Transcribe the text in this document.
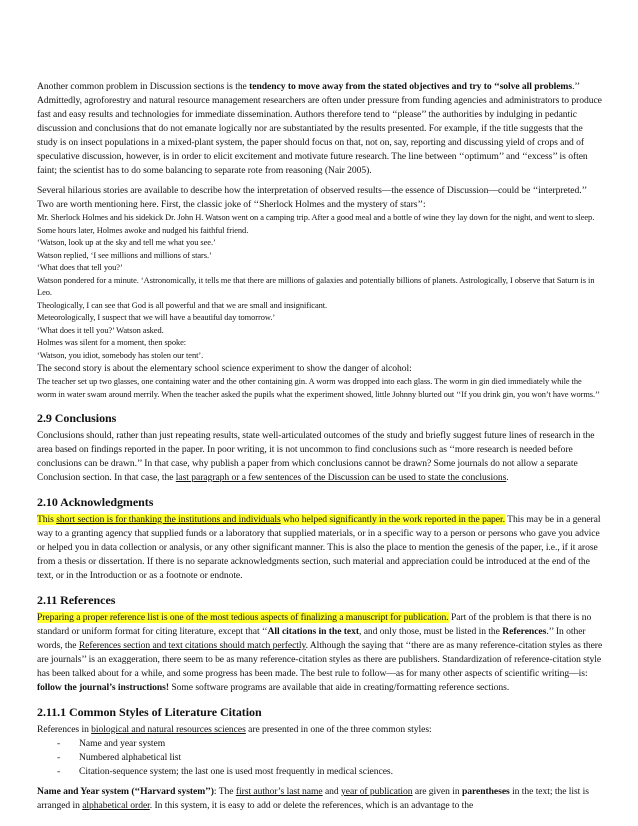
Another common problem in Discussion sections is the tendency to move away from the stated objectives and try to ‘‘solve all problems.’’ Admittedly, agroforestry and natural resource management researchers are often under pressure from funding agencies and administrators to produce fast and easy results and technologies for immediate dissemination. Authors therefore tend to ‘‘please’’ the authorities by indulging in pedantic discussion and conclusions that do not emanate logically nor are substantiated by the results presented. For example, if the title suggests that the study is on insect populations in a mixed-plant system, the paper should focus on that, not on, say, reporting and discussing yield of crops and of speculative discussion, however, is in order to elicit excitement and motivate future research. The line between ‘‘optimum’’ and ‘‘excess’’ is often faint; the scientist has to do some balancing to separate rote from reasoning (Nair 2005).

Several hilarious stories are available to describe how the interpretation of observed results—the essence of Discussion—could be ‘‘interpreted.’’ Two are worth mentioning here. First, the classic joke of ‘‘Sherlock Holmes and the mystery of stars’’:

Mr. Sherlock Holmes and his sidekick Dr. John H. Watson went on a camping trip. After a good meal and a bottle of wine they lay down for the night, and went to sleep. Some hours later, Holmes awoke and nudged his faithful friend.

‘Watson, look up at the sky and tell me what you see.’

Watson replied, ‘I see millions and millions of stars.’

‘What does that tell you?’

Watson pondered for a minute. ‘Astronomically, it tells me that there are millions of galaxies and potentially billions of planets. Astrologically, I observe that Saturn is in Leo.

Theologically, I can see that God is all powerful and that we are small and insignificant.

Meteorologically, I suspect that we will have a beautiful day tomorrow.’

‘What does it tell you?’ Watson asked.

Holmes was silent for a moment, then spoke:

‘Watson, you idiot, somebody has stolen our tent’.

The second story is about the elementary school science experiment to show the danger of alcohol:

The teacher set up two glasses, one containing water and the other containing gin. A worm was dropped into each glass. The worm in gin died immediately while the worm in water swam around merrily. When the teacher asked the pupils what the experiment showed, little Johnny blurted out ‘‘If you drink gin, you won’t have worms.’’

2.9 Conclusions

Conclusions should, rather than just repeating results, state well-articulated outcomes of the study and briefly suggest future lines of research in the area based on findings reported in the paper. In poor writing, it is not uncommon to find conclusions such as ‘‘more research is needed before conclusions can be drawn.’’ In that case, why publish a paper from which conclusions cannot be drawn? Some journals do not allow a separate Conclusion section. In that case, the last paragraph or a few sentences of the Discussion can be used to state the conclusions.

2.10 Acknowledgments

This short section is for thanking the institutions and individuals who helped significantly in the work reported in the paper. This may be in a general way to a granting agency that supplied funds or a laboratory that supplied materials, or in a specific way to a person or persons who gave you advice or helped you in data collection or analysis, or any other significant manner. This is also the place to mention the genesis of the paper, i.e., if it arose from a thesis or dissertation. If there is no separate acknowledgments section, such material and appreciation could be introduced at the end of the text, or in the Introduction or as a footnote or endnote.

2.11 References

Preparing a proper reference list is one of the most tedious aspects of finalizing a manuscript for publication. Part of the problem is that there is no standard or uniform format for citing literature, except that ‘‘All citations in the text, and only those, must be listed in the References.’’ In other words, the References section and text citations should match perfectly. Although the saying that ‘‘there are as many reference-citation styles as there are journals’’ is an exaggeration, there seem to be as many reference-citation styles as there are publishers. Standardization of reference-citation style has been talked about for a while, and some progress has been made. The best rule to follow—as for many other aspects of scientific writing—is: follow the journal’s instructions! Some software programs are available that aide in creating/formatting reference sections.

2.11.1 Common Styles of Literature Citation

References in biological and natural resources sciences are presented in one of the three common styles:

- Name and year system
- Numbered alphabetical list
- Citation-sequence system; the last one is used most frequently in medical sciences.

Name and Year system (‘‘Harvard system’’): The first author’s last name and year of publication are given in parentheses in the text; the list is arranged in alphabetical order. In this system, it is easy to add or delete the references, which is an advantage to the
